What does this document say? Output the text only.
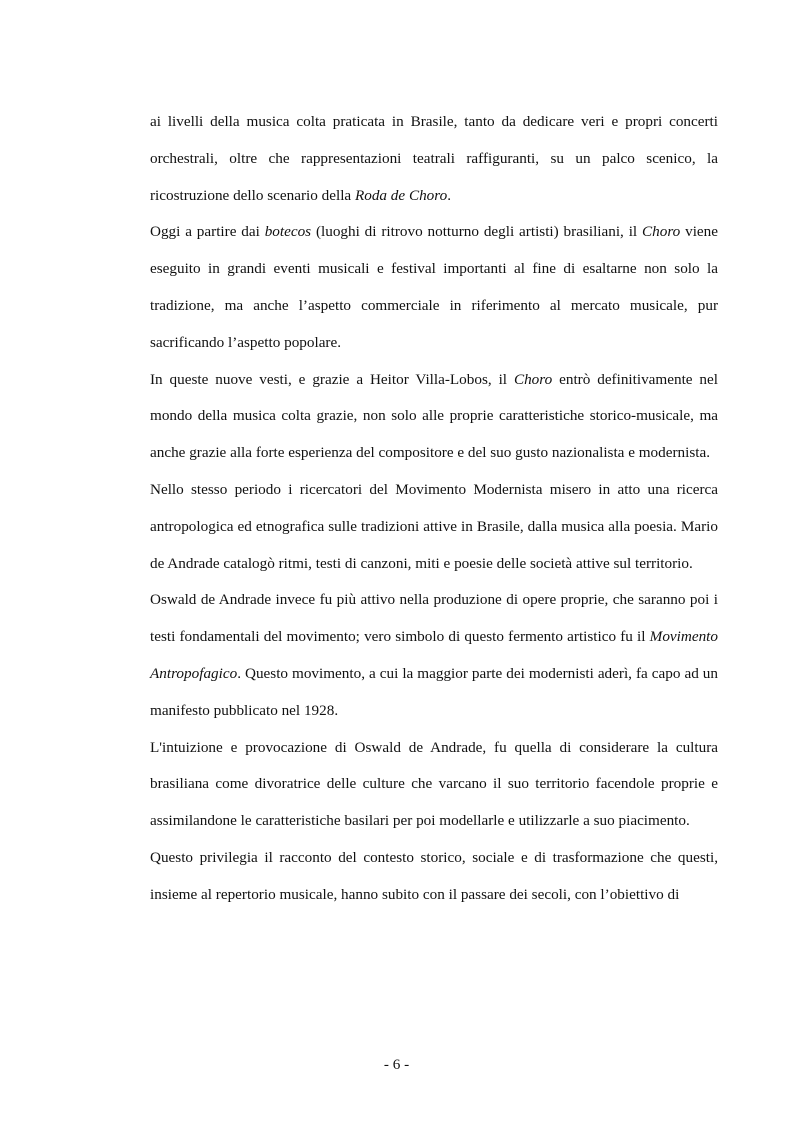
ai livelli della musica colta praticata in Brasile, tanto da dedicare veri e propri concerti orchestrali, oltre che rappresentazioni teatrali raffiguranti, su un palco scenico, la ricostruzione dello scenario della Roda de Choro.

Oggi a partire dai botecos (luoghi di ritrovo notturno degli artisti) brasiliani, il Choro viene eseguito in grandi eventi musicali e festival importanti al fine di esaltarne non solo la tradizione, ma anche l’aspetto commerciale in riferimento al mercato musicale, pur sacrificando l’aspetto popolare.

In queste nuove vesti, e grazie a Heitor Villa-Lobos, il Choro entrò definitivamente nel mondo della musica colta grazie, non solo alle proprie caratteristiche storico-musicale, ma anche grazie alla forte esperienza del compositore e del suo gusto nazionalista e modernista.

Nello stesso periodo i ricercatori del Movimento Modernista misero in atto una ricerca antropologica ed etnografica sulle tradizioni attive in Brasile, dalla musica alla poesia. Mario de Andrade catalogò ritmi, testi di canzoni, miti e poesie delle società attive sul territorio.

Oswald de Andrade invece fu più attivo nella produzione di opere proprie, che saranno poi i testi fondamentali del movimento; vero simbolo di questo fermento artistico fu il Movimento Antropofagico. Questo movimento, a cui la maggior parte dei modernisti aderì, fa capo ad un manifesto pubblicato nel 1928.

L'intuizione e provocazione di Oswald de Andrade, fu quella di considerare la cultura brasiliana come divoratrice delle culture che varcano il suo territorio facendole proprie e assimilandone le caratteristiche basilari per poi modellarle e utilizzarle a suo piacimento.

Questo privilegia il racconto del contesto storico, sociale e di trasformazione che questi, insieme al repertorio musicale, hanno subito con il passare dei secoli, con l’obiettivo di

- 6 -
